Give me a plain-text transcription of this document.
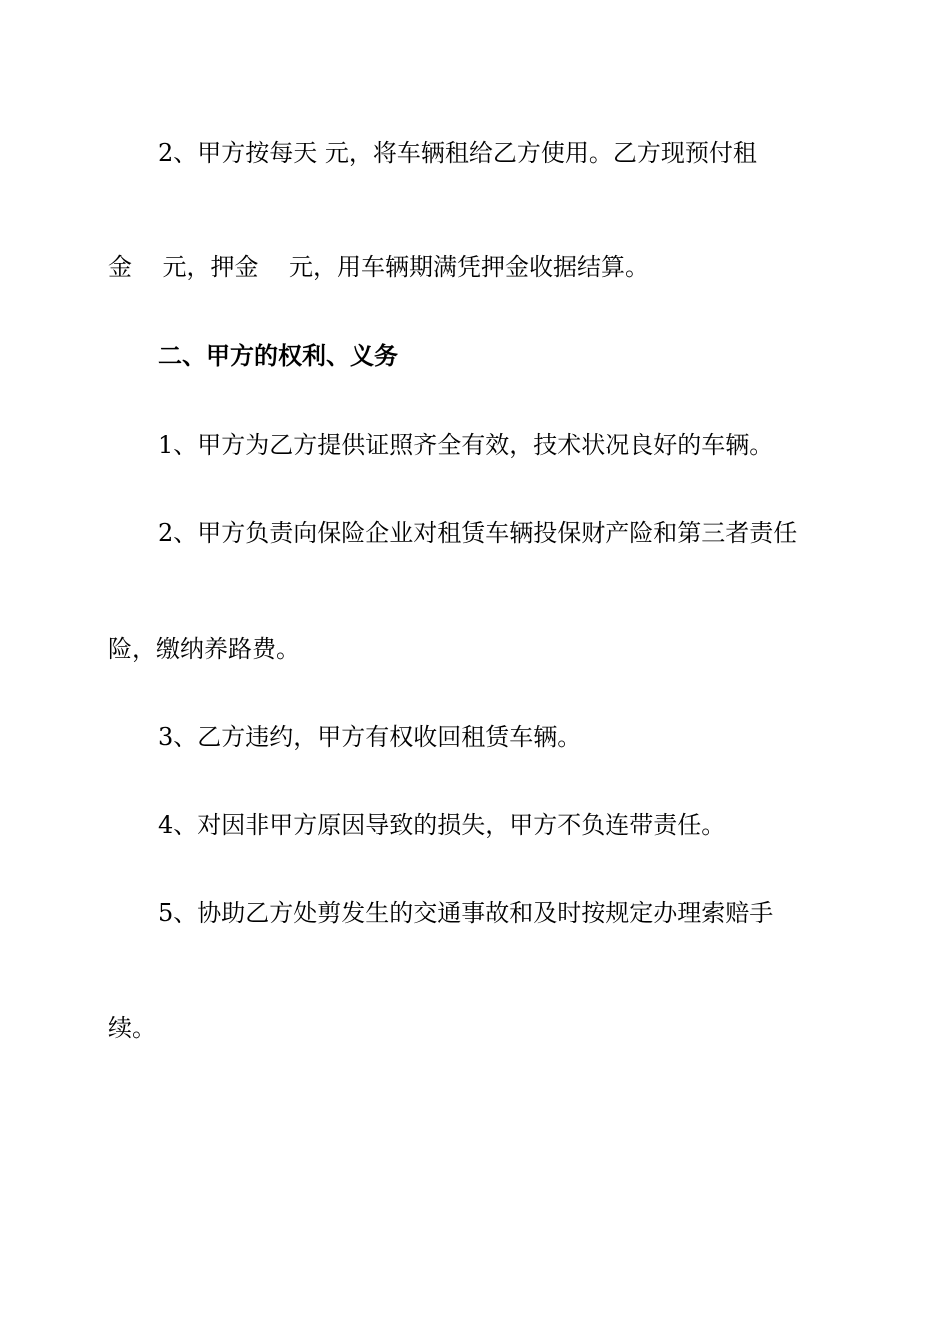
2、甲方按每天 元，将车辆租给乙方使用。乙方现预付租
金    元，押金    元，用车辆期满凭押金收据结算。
二、甲方的权利、义务
1、甲方为乙方提供证照齐全有效，技术状况良好的车辆。
2、甲方负责向保险企业对租赁车辆投保财产险和第三者责任
险，缴纳养路费。
3、乙方违约，甲方有权收回租赁车辆。
4、对因非甲方原因导致的损失，甲方不负连带责任。
5、协助乙方处剪发生的交通事故和及时按规定办理索赔手
续。
